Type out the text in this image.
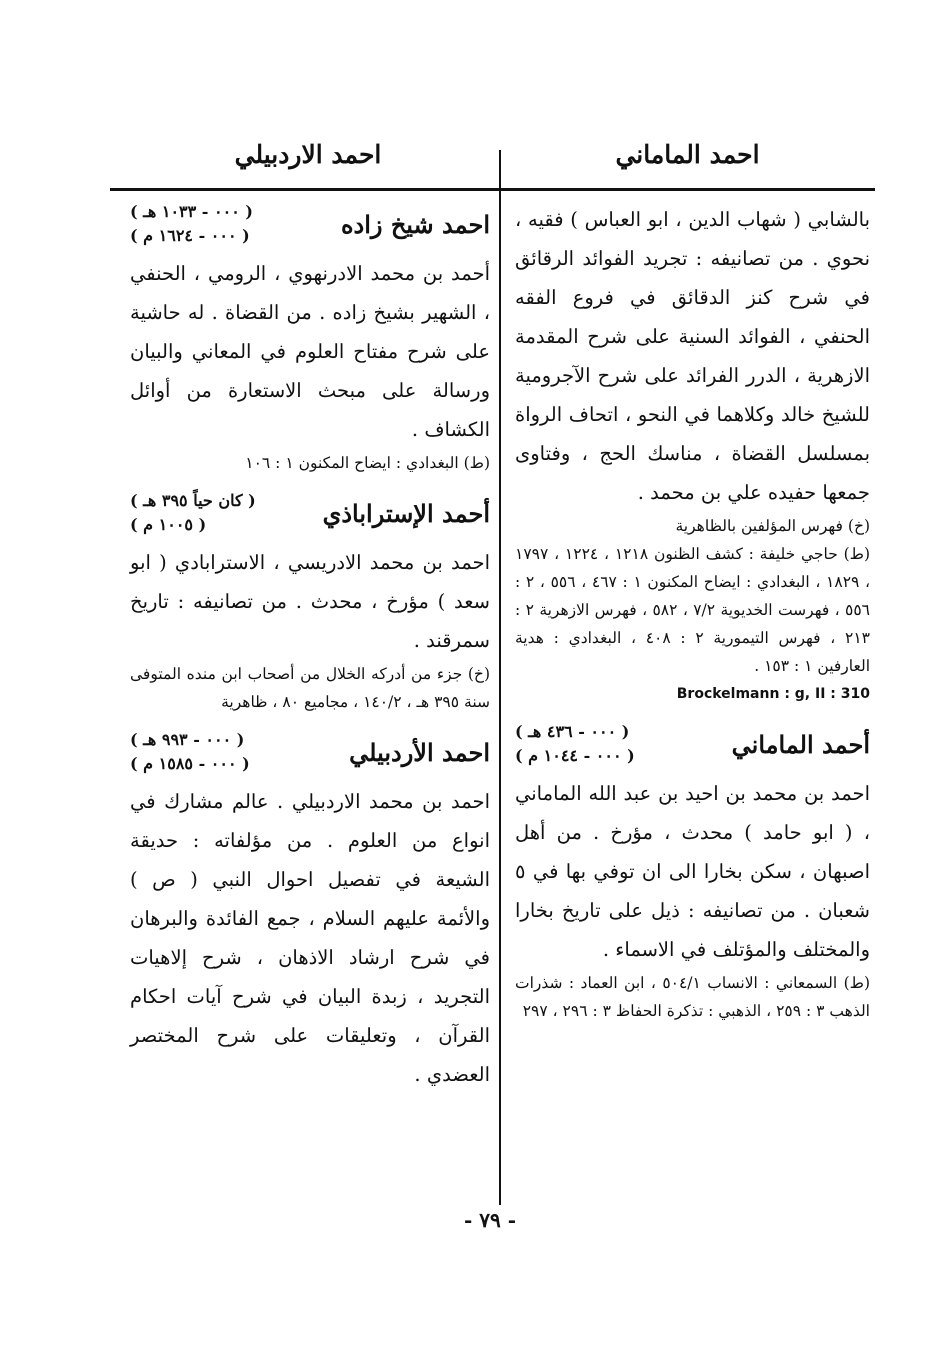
احمد الماماني
احمد الاردبيلي

بالشابي ( شهاب الدين ، ابو العباس ) فقيه ، نحوي . من تصانيفه : تجريد الفوائد الرقائق في شرح كنز الدقائق في فروع الفقه الحنفي ، الفوائد السنية على شرح المقدمة الازهرية ، الدرر الفرائد على شرح الآجرومية للشيخ خالد وكلاهما في النحو ، اتحاف الرواة بمسلسل القضاة ، مناسك الحج ، وفتاوى جمعها حفيده علي بن محمد .

(خ) فهرس المؤلفين بالظاهرية

(ط) حاجي خليفة : كشف الظنون ١٢١٨ ، ١٢٢٤ ، ١٧٩٧ ، ١٨٢٩ ، البغدادي : ايضاح المكنون ١ : ٤٦٧ ، ٥٥٦ ، ٢ : ٥٥٦ ، فهرست الخديوية ٧/٢ ، ٥٨٢ ، فهرس الازهرية ٢ : ٢١٣ ، فهرس التيمورية ٢ : ٤٠٨ ، البغدادي : هدية العارفين ١ : ١٥٣ .

Brockelmann : g, II : 310

أحمد الماماني
( ٠٠٠ - ٤٣٦ هـ )
( ٠٠٠ - ١٠٤٤ م )

احمد بن محمد بن احيد بن عبد الله الماماني ، ( ابو حامد ) محدث ، مؤرخ . من أهل اصبهان ، سكن بخارا الى ان توفي بها في ٥ شعبان . من تصانيفه : ذيل على تاريخ بخارا والمختلف والمؤتلف في الاسماء .

(ط) السمعاني : الانساب ٥٠٤/١ ، ابن العماد : شذرات الذهب ٣ : ٢٥٩ ، الذهبي : تذكرة الحفاظ ٣ : ٢٩٦ ، ٢٩٧

احمد شيخ زاده
( ٠٠٠ - ١٠٣٣ هـ )
( ٠٠٠ - ١٦٢٤ م )

أحمد بن محمد الادرنهوي ، الرومي ، الحنفي ، الشهير بشيخ زاده . من القضاة . له حاشية على شرح مفتاح العلوم في المعاني والبيان ورسالة على مبحث الاستعارة من أوائل الكشاف .

(ط) البغدادي : ايضاح المكنون ١ : ١٠٦

أحمد الإستراباذي
( كان حياً ٣٩٥ هـ )
( ١٠٠٥ م )

احمد بن محمد الادريسي ، الاسترابادي ( ابو سعد ) مؤرخ ، محدث . من تصانيفه : تاريخ سمرقند .

(خ) جزء من أدركه الخلال من أصحاب ابن منده المتوفى سنة ٣٩٥ هـ ، ١٤٠/٢ ، مجاميع ٨٠ ، ظاهرية

احمد الأردبيلي
( ٠٠٠ - ٩٩٣ هـ )
( ٠٠٠ - ١٥٨٥ م )

احمد بن محمد الاردبيلي . عالم مشارك في انواع من العلوم . من مؤلفاته : حديقة الشيعة في تفصيل احوال النبي ( ص ) والأئمة عليهم السلام ، جمع الفائدة والبرهان في شرح ارشاد الاذهان ، شرح إلاهيات التجريد ، زبدة البيان في شرح آيات احكام القرآن ، وتعليقات على شرح المختصر العضدي .

- ٧٩ -
